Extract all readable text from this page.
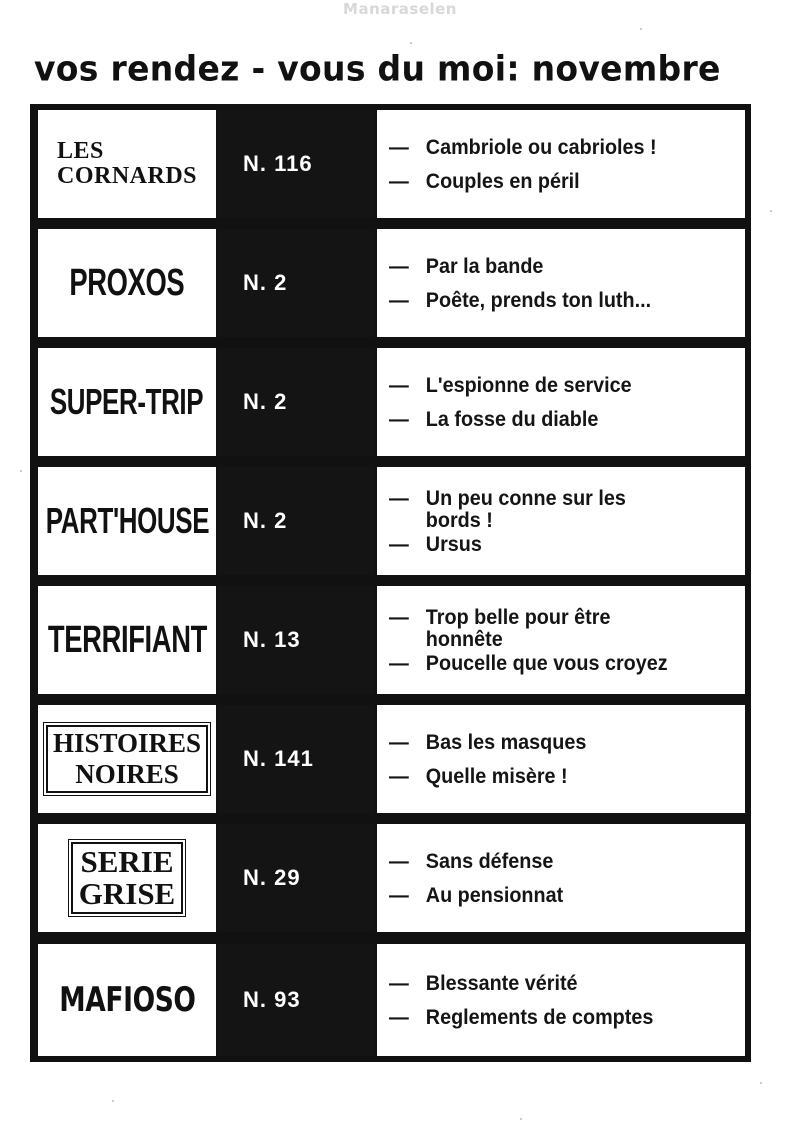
Manaraselen
vos rendez - vous du moi: novembre
LES
CORNARDS	N. 116
— Cambriole ou cabrioles !
— Couples en péril
PROXOS	N. 2
— Par la bande
— Poête, prends ton luth...
SUPER-TRIP	N. 2
— L'espionne de service
— La fosse du diable
PART'HOUSE	N. 2
— Un peu conne sur les bords !
— Ursus
TERRIFIANT	N. 13
— Trop belle pour être honnête
— Poucelle que vous croyez
HISTOIRES
NOIRES
N. 141
— Bas les masques
— Quelle misère !
SERIE
GRISE	N. 29
— Sans défense
— Au pensionnat
MAFIOSO	N. 93
— Blessante vérité
— Reglements de comptes
